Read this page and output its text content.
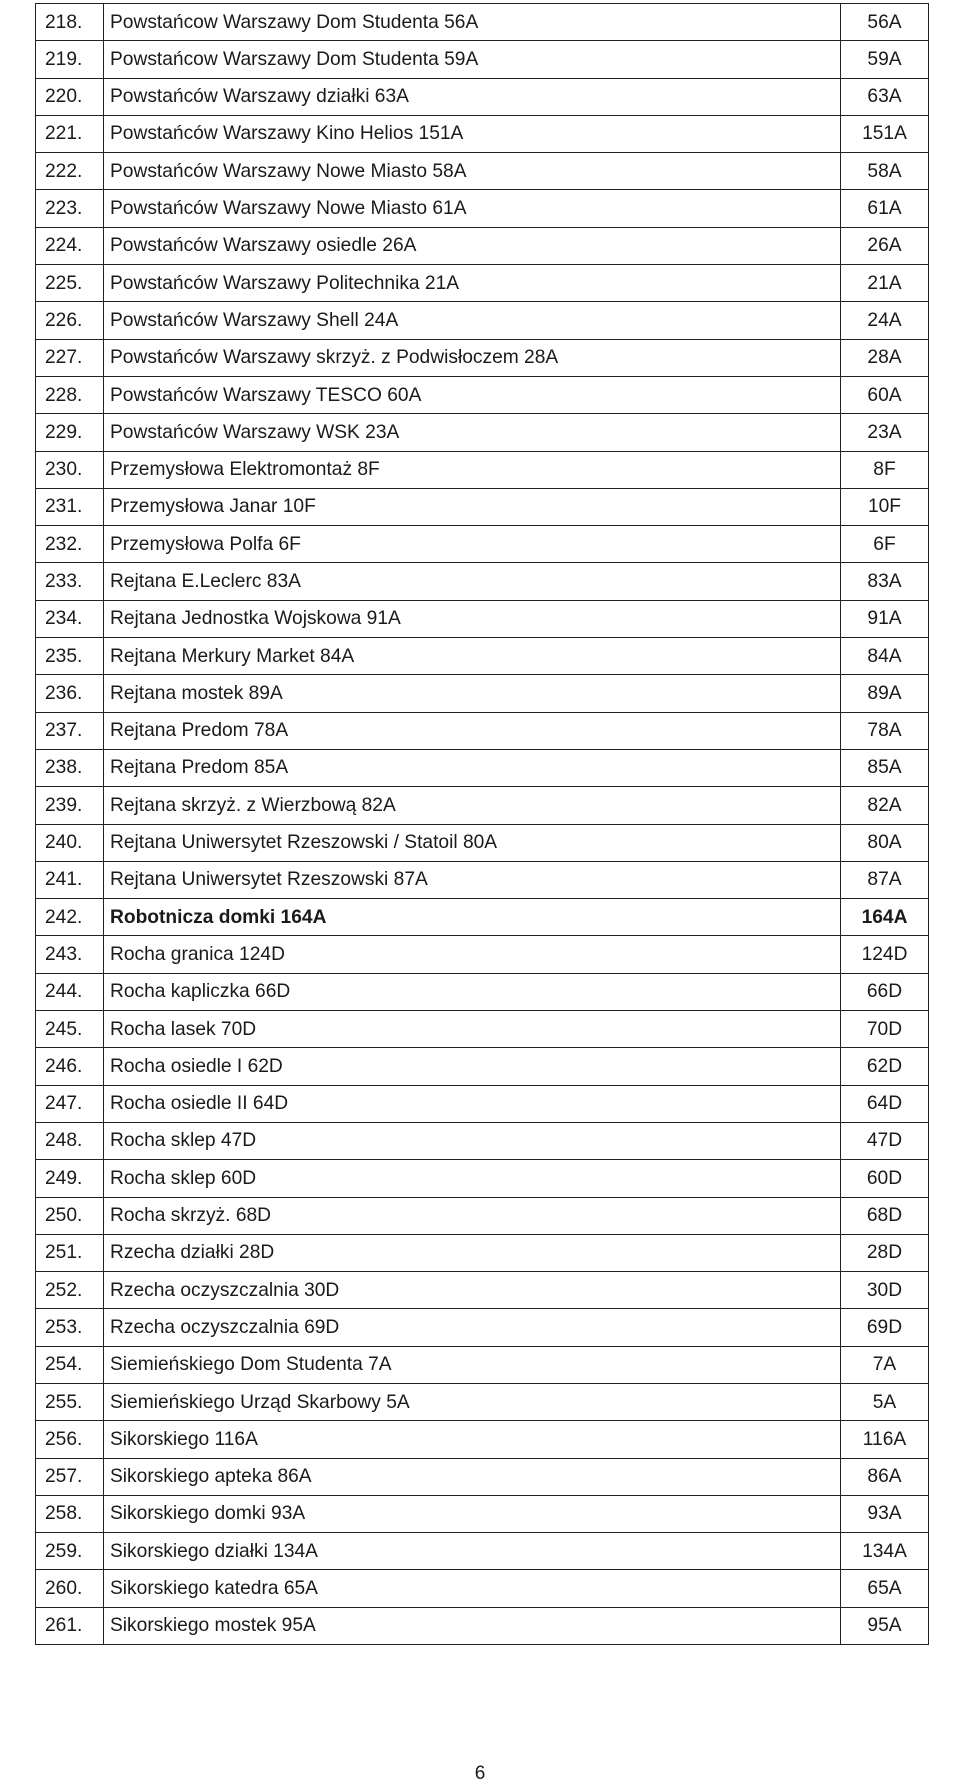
218.	Powstańcow Warszawy Dom Studenta 56A	56A
219.	Powstańcow Warszawy Dom Studenta 59A	59A
220.	Powstańców Warszawy działki 63A	63A
221.	Powstańców Warszawy Kino Helios 151A	151A
222.	Powstańców Warszawy Nowe Miasto 58A	58A
223.	Powstańców Warszawy Nowe Miasto 61A	61A
224.	Powstańców Warszawy osiedle 26A	26A
225.	Powstańców Warszawy Politechnika 21A	21A
226.	Powstańców Warszawy Shell 24A	24A
227.	Powstańców Warszawy skrzyż. z Podwisłoczem 28A	28A
228.	Powstańców Warszawy TESCO 60A	60A
229.	Powstańców Warszawy WSK 23A	23A
230.	Przemysłowa Elektromontaż 8F	8F
231.	Przemysłowa Janar 10F	10F
232.	Przemysłowa Polfa 6F	6F
233.	Rejtana E.Leclerc 83A	83A
234.	Rejtana Jednostka Wojskowa 91A	91A
235.	Rejtana Merkury Market 84A	84A
236.	Rejtana mostek 89A	89A
237.	Rejtana Predom 78A	78A
238.	Rejtana Predom 85A	85A
239.	Rejtana skrzyż. z Wierzbową 82A	82A
240.	Rejtana Uniwersytet Rzeszowski / Statoil 80A	80A
241.	Rejtana Uniwersytet Rzeszowski 87A	87A
242.	Robotnicza domki 164A	164A
243.	Rocha granica 124D	124D
244.	Rocha kapliczka 66D	66D
245.	Rocha lasek 70D	70D
246.	Rocha osiedle I 62D	62D
247.	Rocha osiedle II 64D	64D
248.	Rocha sklep 47D	47D
249.	Rocha sklep 60D	60D
250.	Rocha skrzyż. 68D	68D
251.	Rzecha działki 28D	28D
252.	Rzecha oczyszczalnia 30D	30D
253.	Rzecha oczyszczalnia 69D	69D
254.	Siemieńskiego Dom Studenta 7A	7A
255.	Siemieńskiego Urząd Skarbowy 5A	5A
256.	Sikorskiego 116A	116A
257.	Sikorskiego apteka 86A	86A
258.	Sikorskiego domki 93A	93A
259.	Sikorskiego działki 134A	134A
260.	Sikorskiego katedra 65A	65A
261.	Sikorskiego mostek 95A	95A
6
